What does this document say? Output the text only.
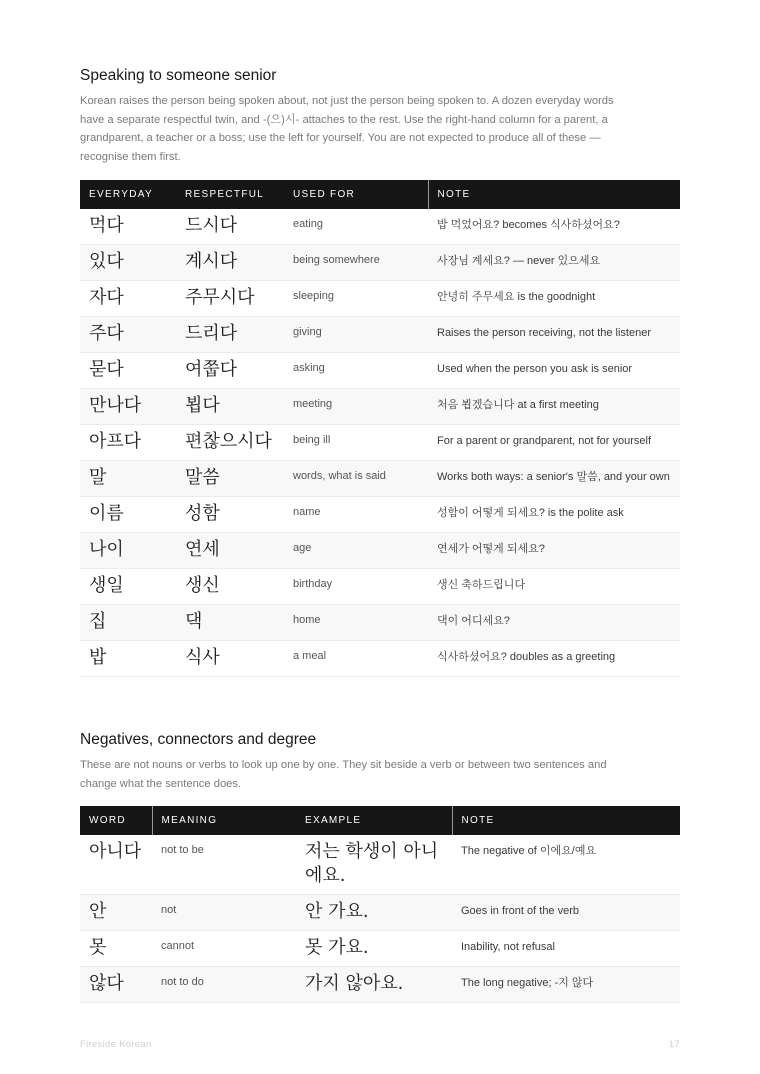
Speaking to someone senior

Korean raises the person being spoken about, not just the person being spoken to. A dozen everyday words have a separate respectful twin, and -(으)시- attaches to the rest. Use the right-hand column for a parent, a grandparent, a teacher or a boss; use the left for yourself. You are not expected to produce all of these — recognise them first.

EVERYDAY	RESPECTFUL	USED FOR	NOTE
먹다	드시다	eating	밥 먹었어요? becomes 식사하셨어요?
있다	계시다	being somewhere	사장님 계세요? — never 있으세요
자다	주무시다	sleeping	안녕히 주무세요 is the goodnight
주다	드리다	giving	Raises the person receiving, not the listener
묻다	여쭙다	asking	Used when the person you ask is senior
만나다	뵙다	meeting	처음 뵙겠습니다 at a first meeting
아프다	편찮으시다	being ill	For a parent or grandparent, not for yourself
말	말씀	words, what is said	Works both ways: a senior's 말씀, and your own
이름	성함	name	성함이 어떻게 되세요? is the polite ask
나이	연세	age	연세가 어떻게 되세요?
생일	생신	birthday	생신 축하드립니다
집	댁	home	댁이 어디세요?
밥	식사	a meal	식사하셨어요? doubles as a greeting
Negatives, connectors and degree

These are not nouns or verbs to look up one by one. They sit beside a verb or between two sentences and change what the sentence does.

WORD	MEANING	EXAMPLE	NOTE
아니다	not to be	저는 학생이 아니에요.	The negative of 이에요/예요
안	not	안 가요.	Goes in front of the verb
못	cannot	못 가요.	Inability, not refusal
않다	not to do	가지 않아요.	The long negative; -지 않다
Fireside Korean	17
